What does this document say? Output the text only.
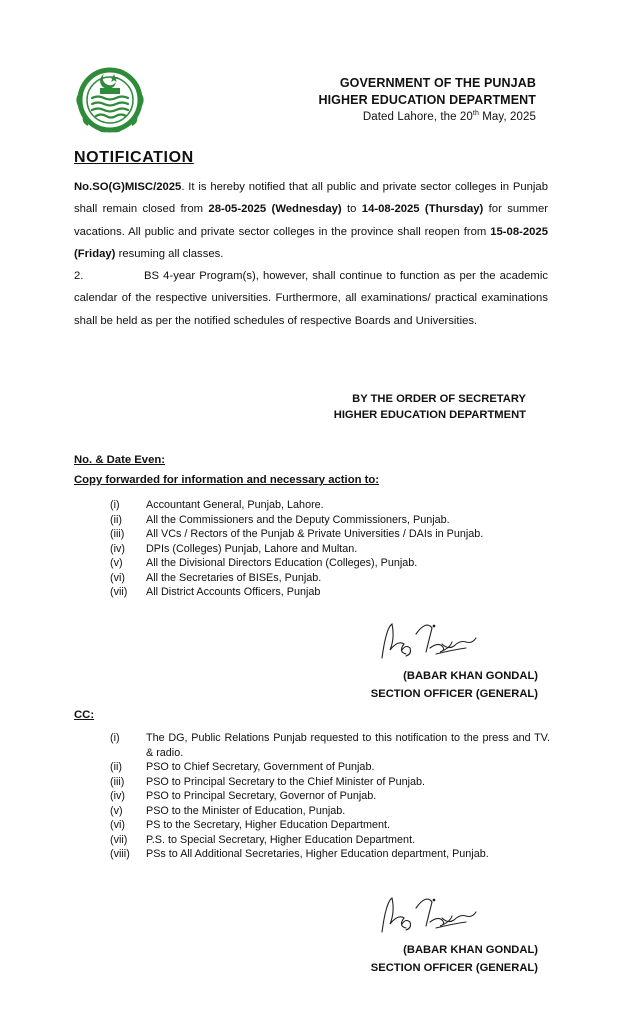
GOVERNMENT OF THE PUNJAB
HIGHER EDUCATION DEPARTMENT
Dated Lahore, the 20th May, 2025
NOTIFICATION

No.SO(G)MISC/2025. It is hereby notified that all public and private sector colleges in Punjab shall remain closed from 28-05-2025 (Wednesday) to 14-08-2025 (Thursday) for summer vacations. All public and private sector colleges in the province shall reopen from 15-08-2025 (Friday) resuming all classes.

2.	BS 4-year Program(s), however, shall continue to function as per the academic calendar of the respective universities. Furthermore, all examinations/ practical examinations shall be held as per the notified schedules of respective Boards and Universities.

BY THE ORDER OF SECRETARY
HIGHER EDUCATION DEPARTMENT
No. & Date Even:
Copy forwarded for information and necessary action to:
(i) Accountant General, Punjab, Lahore.
(ii) All the Commissioners and the Deputy Commissioners, Punjab.
(iii) All VCs / Rectors of the Punjab & Private Universities / DAIs in Punjab.
(iv) DPIs (Colleges) Punjab, Lahore and Multan.
(v) All the Divisional Directors Education (Colleges), Punjab.
(vi) All the Secretaries of BISEs, Punjab.
(vii) All District Accounts Officers, Punjab
(BABAR KHAN GONDAL)
SECTION OFFICER (GENERAL)
CC:
(i) The DG, Public Relations Punjab requested to this notification to the press and TV. & radio.
(ii) PSO to Chief Secretary, Government of Punjab.
(iii) PSO to Principal Secretary to the Chief Minister of Punjab.
(iv) PSO to Principal Secretary, Governor of Punjab.
(v) PSO to the Minister of Education, Punjab.
(vi) PS to the Secretary, Higher Education Department.
(vii) P.S. to Special Secretary, Higher Education Department.
(viii) PSs to All Additional Secretaries, Higher Education department, Punjab.
(BABAR KHAN GONDAL)
SECTION OFFICER (GENERAL)
